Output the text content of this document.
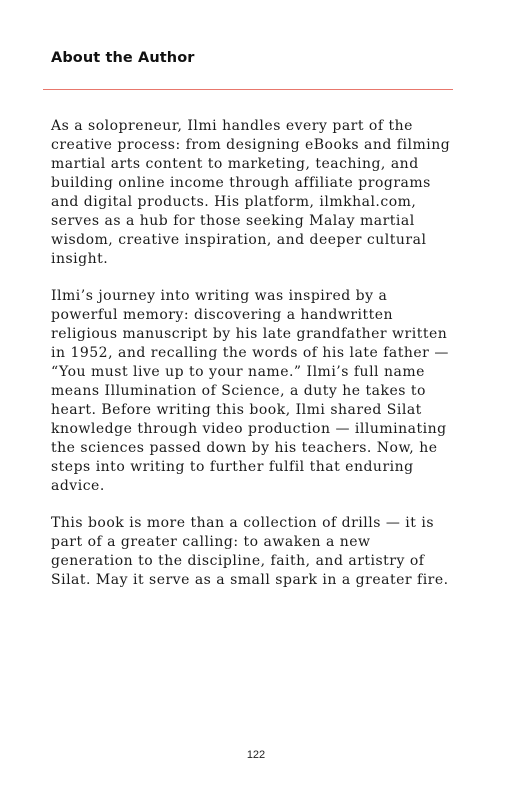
About the Author

As a solopreneur, Ilmi handles every part of the creative process: from designing eBooks and filming martial arts content to marketing, teaching, and building online income through affiliate programs and digital products. His platform, ilmkhal.com, serves as a hub for those seeking Malay martial wisdom, creative inspiration, and deeper cultural insight.

Ilmi’s journey into writing was inspired by a powerful memory: discovering a handwritten religious manuscript by his late grandfather written in 1952, and recalling the words of his late father — “You must live up to your name.” Ilmi’s full name means Illumination of Science, a duty he takes to heart. Before writing this book, Ilmi shared Silat knowledge through video production — illuminating the sciences passed down by his teachers. Now, he steps into writing to further fulfil that enduring advice.

This book is more than a collection of drills — it is part of a greater calling: to awaken a new generation to the discipline, faith, and artistry of Silat. May it serve as a small spark in a greater fire.

122
